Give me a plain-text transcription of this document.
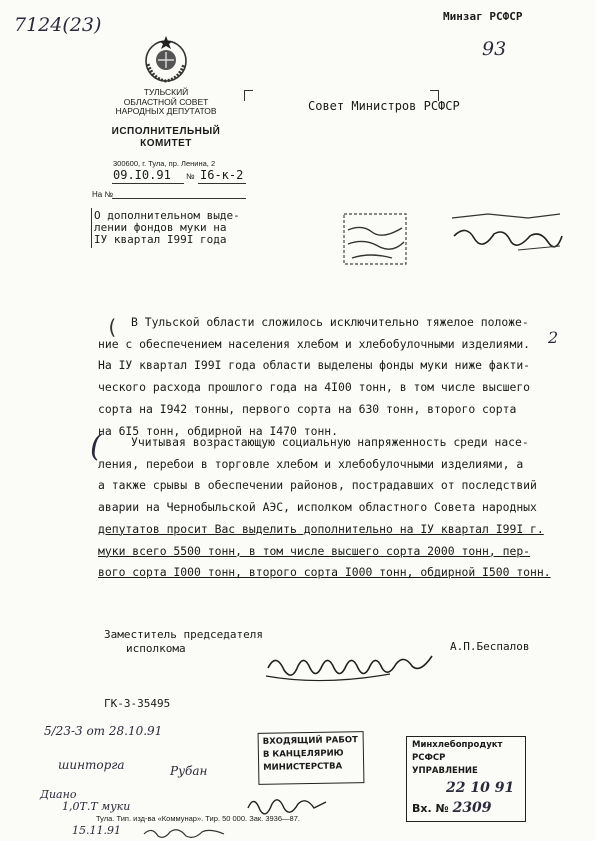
7124(23)
93
Минзаг РСФСР
ТУЛЬСКИЙ
ОБЛАСТНОЙ СОВЕТ
НАРОДНЫХ ДЕПУТАТОВ
ИСПОЛНИТЕЛЬНЫЙ
КОМИТЕТ
300600, г. Тула, пр. Ленина, 2
09.I0.91 № I6-к-2
На №
Совет Министров РСФСР
О дополнительном выде-
лении фондов муки на
IУ квартал I99I года
(	В Тульской области сложилось исключительно тяжелое положе-
ние с обеспечением населения хлебом и хлебобулочными изделиями.
На IУ квартал I99I года области выделены фонды муки ниже факти-
ческого расхода прошлого года на 4I00 тонн, в том числе высшего
сорта на I942 тонны, первого сорта на 630 тонн, второго сорта
на 6I5 тонн, обдирной на I470 тонн.
2
(	Учитывая возрастающую социальную напряженность среди насе-
ления, перебои в торговле хлебом и хлебобулочными изделиями, а
а также срывы в обеспечении районов, пострадавших от последствий
аварии на Чернобыльской АЭС, исполком областного Совета народных
депутатов просит Вас выделить дополнительно на IУ квартал I99I г.
муки всего 5500 тонн, в том числе высшего сорта 2000 тонн, пер-
вого сорта I000 тонн, второго сорта I000 тонн, обдирной I500 тонн.
Заместитель председателя
исполкома	А.П.Беспалов
ГК-3-35495
5/23-3 от 28.10.91
шинторга	Рубан
Диано
1,0Т.Т муки
15.11.91
ВХОДЯЩИЙ РАБОТ
В КАНЦЕЛЯРИЮ
МИНИСТЕРСТВА
Минхлебопродукт РСФСР
УПРАВЛЕНИЕ
22 10 91
Вх. № 2309
Тула. Тип. изд-ва «Коммунар». Тир. 50 000. Зак. 3936—87.
